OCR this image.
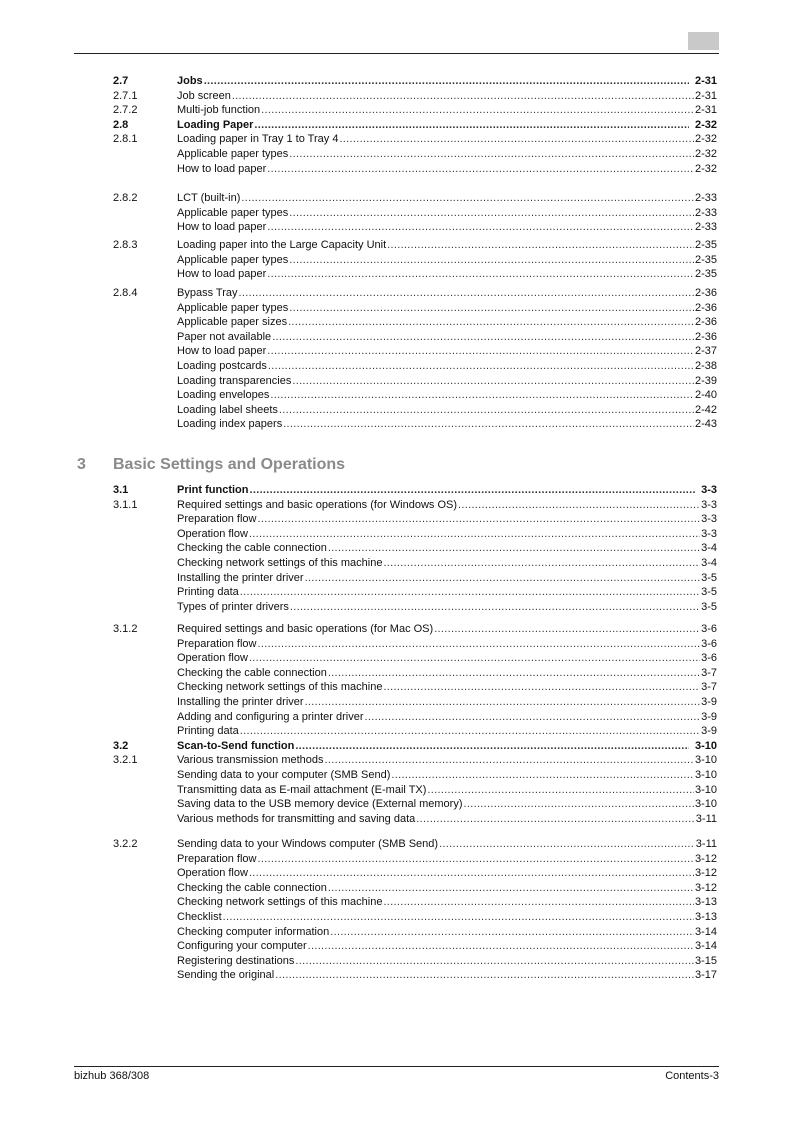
2.7	Jobs .....	2-31
2.7.1	Job screen .....	2-31
2.7.2	Multi-job function .....	2-31
2.8	Loading Paper .....	2-32
2.8.1	Loading paper in Tray 1 to Tray 4 .....	2-32
Applicable paper types .....	2-32
How to load paper .....	2-32
2.8.2	LCT (built-in) .....	2-33
Applicable paper types .....	2-33
How to load paper .....	2-33
2.8.3	Loading paper into the Large Capacity Unit .....	2-35
Applicable paper types .....	2-35
How to load paper .....	2-35
2.8.4	Bypass Tray .....	2-36
Applicable paper types .....	2-36
Applicable paper sizes .....	2-36
Paper not available .....	2-36
How to load paper .....	2-37
Loading postcards .....	2-38
Loading transparencies .....	2-39
Loading envelopes .....	2-40
Loading label sheets .....	2-42
Loading index papers .....	2-43
3.1	Print function .....	3-3
3.1.1	Required settings and basic operations (for Windows OS) .....	3-3
Preparation flow .....	3-3
Operation flow .....	3-3
Checking the cable connection .....	3-4
Checking network settings of this machine .....	3-4
Installing the printer driver .....	3-5
Printing data .....	3-5
Types of printer drivers .....	3-5
3.1.2	Required settings and basic operations (for Mac OS) .....	3-6
Preparation flow .....	3-6
Operation flow .....	3-6
Checking the cable connection .....	3-7
Checking network settings of this machine .....	3-7
Installing the printer driver .....	3-9
Adding and configuring a printer driver .....	3-9
Printing data .....	3-9
3.2	Scan-to-Send function .....	3-10
3.2.1	Various transmission methods .....	3-10
Sending data to your computer (SMB Send) .....	3-10
Transmitting data as E-mail attachment (E-mail TX) .....	3-10
Saving data to the USB memory device (External memory) .....	3-10
Various methods for transmitting and saving data .....	3-11
3.2.2	Sending data to your Windows computer (SMB Send) .....	3-11
Preparation flow .....	3-12
Operation flow .....	3-12
Checking the cable connection .....	3-12
Checking network settings of this machine .....	3-13
Checklist .....	3-13
Checking computer information .....	3-14
Configuring your computer .....	3-14
Registering destinations .....	3-15
Sending the original .....	3-17
3 Basic Settings and Operations
bizhub 368/308	Contents-3
